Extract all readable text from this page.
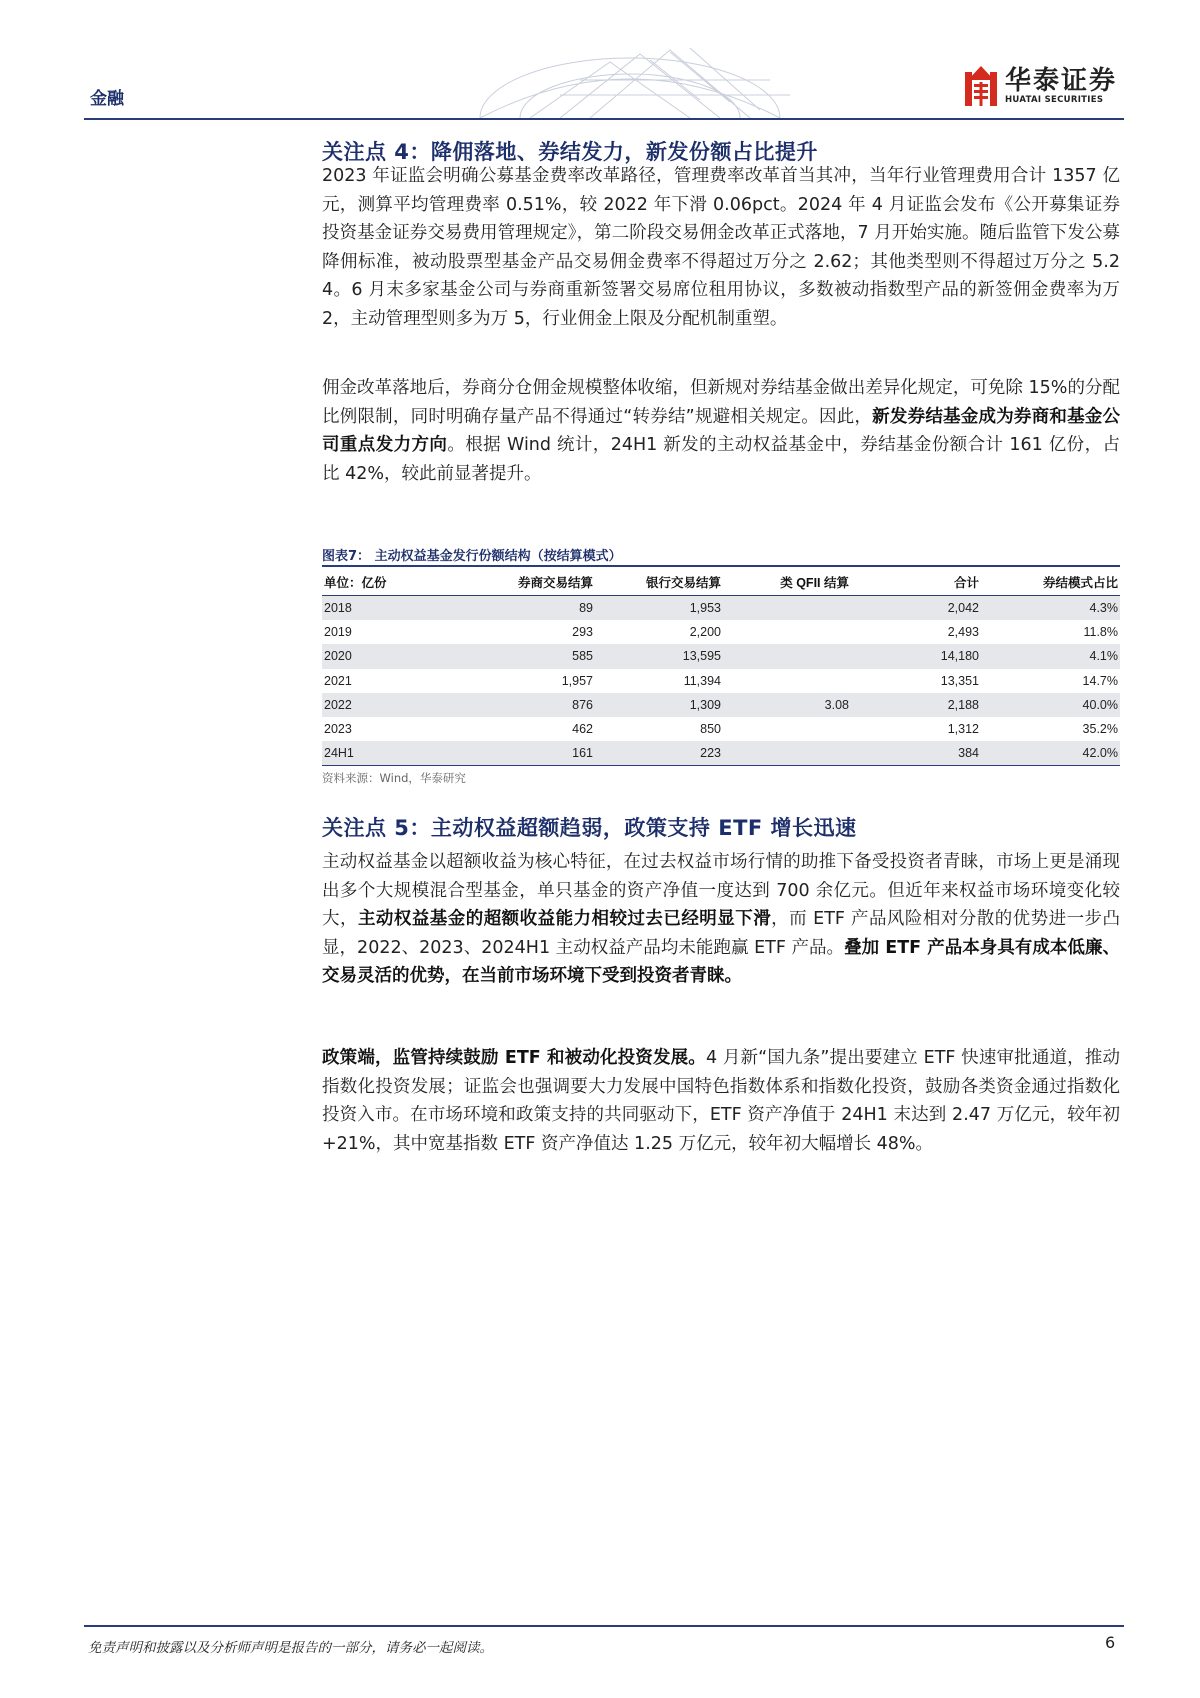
金融
华泰证券
HUATAI SECURITIES
关注点 4：降佣落地、券结发力，新发份额占比提升

2023 年证监会明确公募基金费率改革路径，管理费率改革首当其冲，当年行业管理费用合计 1357 亿元，测算平均管理费率 0.51%，较 2022 年下滑 0.06pct。2024 年 4 月证监会发布《公开募集证券投资基金证券交易费用管理规定》，第二阶段交易佣金改革正式落地，7 月开始实施。随后监管下发公募降佣标准，被动股票型基金产品交易佣金费率不得超过万分之 2.62；其他类型则不得超过万分之 5.24。6 月末多家基金公司与券商重新签署交易席位租用协议，多数被动指数型产品的新签佣金费率为万 2，主动管理型则多为万 5，行业佣金上限及分配机制重塑。

佣金改革落地后，券商分仓佣金规模整体收缩，但新规对券结基金做出差异化规定，可免除 15%的分配比例限制，同时明确存量产品不得通过“转券结”规避相关规定。因此，新发券结基金成为券商和基金公司重点发力方向。根据 Wind 统计，24H1 新发的主动权益基金中，券结基金份额合计 161 亿份，占比 42%，较此前显著提升。

图表7： 主动权益基金发行份额结构（按结算模式）
单位：亿份	券商交易结算	银行交易结算	类 QFII 结算	合计	券结模式占比
2018	89	1,953		2,042	4.3%
2019	293	2,200		2,493	11.8%
2020	585	13,595		14,180	4.1%
2021	1,957	11,394		13,351	14.7%
2022	876	1,309	3.08	2,188	40.0%
2023	462	850		1,312	35.2%
24H1	161	223		384	42.0%
资料来源：Wind，华泰研究
关注点 5：主动权益超额趋弱，政策支持 ETF 增长迅速

主动权益基金以超额收益为核心特征，在过去权益市场行情的助推下备受投资者青睐，市场上更是涌现出多个大规模混合型基金，单只基金的资产净值一度达到 700 余亿元。但近年来权益市场环境变化较大，主动权益基金的超额收益能力相较过去已经明显下滑，而 ETF 产品风险相对分散的优势进一步凸显，2022、2023、2024H1 主动权益产品均未能跑赢 ETF 产品。叠加 ETF 产品本身具有成本低廉、交易灵活的优势，在当前市场环境下受到投资者青睐。

政策端，监管持续鼓励 ETF 和被动化投资发展。4 月新“国九条”提出要建立 ETF 快速审批通道，推动指数化投资发展；证监会也强调要大力发展中国特色指数体系和指数化投资，鼓励各类资金通过指数化投资入市。在市场环境和政策支持的共同驱动下，ETF 资产净值于 24H1 末达到 2.47 万亿元，较年初+21%，其中宽基指数 ETF 资产净值达 1.25 万亿元，较年初大幅增长 48%。

免责声明和披露以及分析师声明是报告的一部分，请务必一起阅读。	6
